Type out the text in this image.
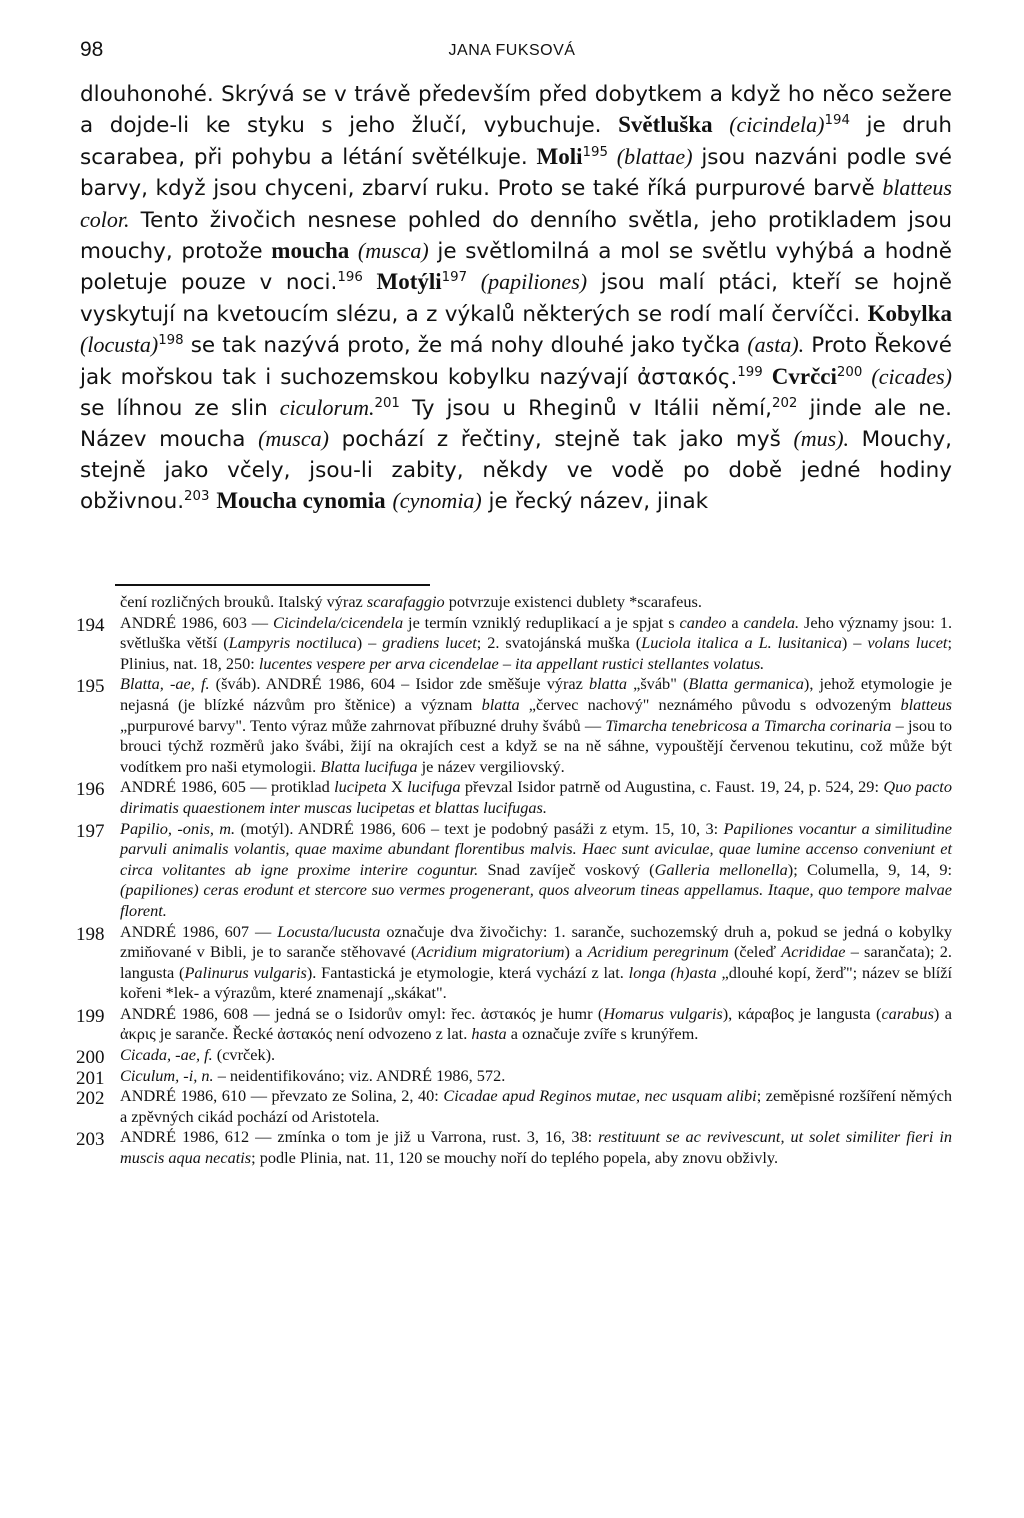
98	JANA FUKSOVÁ

dlouhonohé. Skrývá se v trávě především před dobytkem a když ho něco sežere a dojde-li ke styku s jeho žlučí, vybuchuje. Světluška (cicindela)$^{194}$ je druh scarabea, při pohybu a létání světélkuje. Moli$^{195}$ (blattae) jsou nazváni podle své barvy, když jsou chyceni, zbarví ruku. Proto se také říká purpurové barvě blatteus color. Tento živočich nesnese pohled do denního světla, jeho protikladem jsou mouchy, protože moucha (musca) je světlomilná a mol se světlu vyhýbá a hodně poletuje pouze v noci.$^{196}$ Motýli$^{197}$ (papiliones) jsou malí ptáci, kteří se hojně vyskytují na kvetoucím slézu, a z výkalů některých se rodí malí červíčci. Kobylka (locusta)$^{198}$ se tak nazývá proto, že má nohy dlouhé jako tyčka (asta). Proto Řekové jak mořskou tak i suchozemskou kobylku nazývají ἀστακός.$^{199}$ Cvrčci$^{200}$ (cicades) se líhnou ze slin ciculorum.$^{201}$ Ty jsou u Rheginů v Itálii němí,$^{202}$ jinde ale ne. Název moucha (musca) pochází z řečtiny, stejně tak jako myš (mus). Mouchy, stejně jako včely, jsou-li zabity, někdy ve vodě po době jedné hodiny obživnou.$^{203}$ Moucha cynomia (cynomia) je řecký název, jinak

čení rozličných brouků. Italský výraz scarafaggio potvrzuje existenci dublety *scarafeus.

194 ANDRÉ 1986, 603 — Cicindela/cicendela je termín vzniklý reduplikací a je spjat s candeo a candela. Jeho významy jsou: 1. světluška větší (Lampyris noctiluca) – gradiens lucet; 2. svatojánská muška (Luciola italica a L. lusitanica) – volans lucet; Plinius, nat. 18, 250: lucentes vespere per arva cicendelae – ita appellant rustici stellantes volatus.

195 Blatta, -ae, f. (šváb). ANDRÉ 1986, 604 – Isidor zde směšuje výraz blatta „šváb" (Blatta germanica), jehož etymologie je nejasná (je blízké názvům pro štěnice) a význam blatta „červec nachový" neznámého původu s odvozeným blatteus „purpurové barvy". Tento výraz může zahrnovat příbuzné druhy švábů — Timarcha tenebricosa a Timarcha corinaria – jsou to brouci týchž rozměrů jako švábi, žijí na okrajích cest a když se na ně sáhne, vypouštějí červenou tekutinu, což může být vodítkem pro naši etymologii. Blatta lucifuga je název vergiliovský.

196 ANDRÉ 1986, 605 — protiklad lucipeta X lucifuga převzal Isidor patrně od Augustina, c. Faust. 19, 24, p. 524, 29: Quo pacto dirimatis quaestionem inter muscas lucipetas et blattas lucifugas.

197 Papilio, -onis, m. (motýl). ANDRÉ 1986, 606 – text je podobný pasáži z etym. 15, 10, 3: Papiliones vocantur a similitudine parvuli animalis volantis, quae maxime abundant florentibus malvis. Haec sunt aviculae, quae lumine accenso conveniunt et circa volitantes ab igne proxime interire coguntur. Snad zavíječ voskový (Galleria mellonella); Columella, 9, 14, 9: (papiliones) ceras erodunt et stercore suo vermes progenerant, quos alveorum tineas appellamus. Itaque, quo tempore malvae florent.

198 ANDRÉ 1986, 607 — Locusta/lucusta označuje dva živočichy: 1. saranče, suchozemský druh a, pokud se jedná o kobylky zmiňované v Bibli, je to saranče stěhovavé (Acridium migratorium) a Acridium peregrinum (čeleď Acrididae – sarančata); 2. langusta (Palinurus vulgaris). Fantastická je etymologie, která vychází z lat. longa (h)asta „dlouhé kopí, žerď"; název se blíží kořeni *lek- a výrazům, které znamenají „skákat".

199 ANDRÉ 1986, 608 — jedná se o Isidorův omyl: řec. ἀστακός je humr (Homarus vulgaris), κάραβος je langusta (carabus) a ἀκρις je saranče. Řecké ἀστακός není odvozeno z lat. hasta a označuje zvíře s krunýřem.

200 Cicada, -ae, f. (cvrček).

201 Ciculum, -i, n. – neidentifikováno; viz. ANDRÉ 1986, 572.

202 ANDRÉ 1986, 610 — převzato ze Solina, 2, 40: Cicadae apud Reginos mutae, nec usquam alibi; zeměpisné rozšíření němých a zpěvných cikád pochází od Aristotela.

203 ANDRÉ 1986, 612 — zmínka o tom je již u Varrona, rust. 3, 16, 38: restituunt se ac revivescunt, ut solet similiter fieri in muscis aqua necatis; podle Plinia, nat. 11, 120 se mouchy noří do teplého popela, aby znovu obživly.
